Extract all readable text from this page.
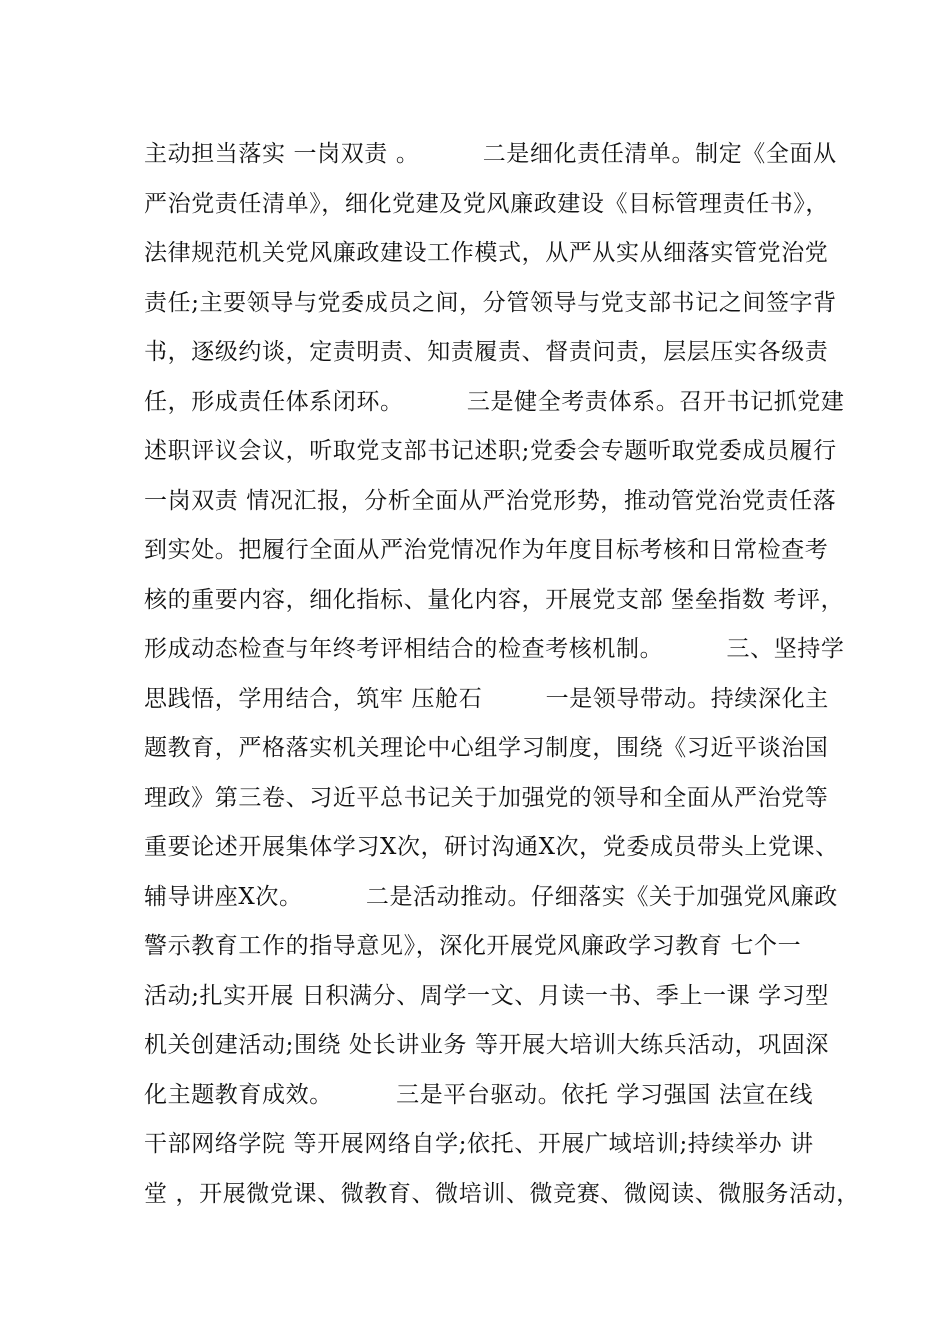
主动担当落实 一岗双责 。        二是细化责任清单。制定《全面从
严治党责任清单》，细化党建及党风廉政建设《目标管理责任书》，
法律规范机关党风廉政建设工作模式，从严从实从细落实管党治党
责任;主要领导与党委成员之间，分管领导与党支部书记之间签字背
书，逐级约谈，定责明责、知责履责、督责问责，层层压实各级责
任，形成责任体系闭环。        三是健全考责体系。召开书记抓党建
述职评议会议，听取党支部书记述职;党委会专题听取党委成员履行
一岗双责 情况汇报，分析全面从严治党形势，推动管党治党责任落
到实处。把履行全面从严治党情况作为年度目标考核和日常检查考
核的重要内容，细化指标、量化内容，开展党支部 堡垒指数 考评，
形成动态检查与年终考评相结合的检查考核机制。        三、坚持学
思践悟，学用结合，筑牢 压舱石        一是领导带动。持续深化主
题教育，严格落实机关理论中心组学习制度，围绕《习近平谈治国
理政》第三卷、习近平总书记关于加强党的领导和全面从严治党等
重要论述开展集体学习X次，研讨沟通X次，党委成员带头上党课、
辅导讲座X次。        二是活动推动。仔细落实《关于加强党风廉政
警示教育工作的指导意见》，深化开展党风廉政学习教育 七个一
活动;扎实开展 日积满分、周学一文、月读一书、季上一课 学习型
机关创建活动;围绕 处长讲业务 等开展大培训大练兵活动，巩固深
化主题教育成效。        三是平台驱动。依托 学习强国 法宣在线
干部网络学院 等开展网络自学;依托、开展广域培训;持续举办 讲
堂 ，开展微党课、微教育、微培训、微竞赛、微阅读、微服务活动，
